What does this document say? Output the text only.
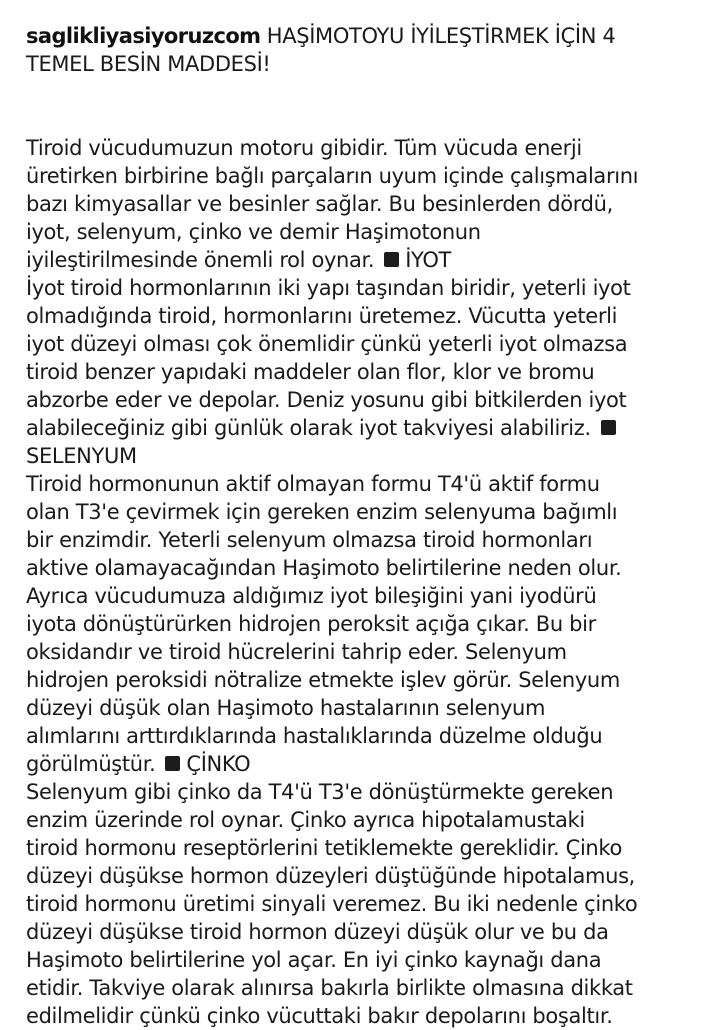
saglikliyasiyoruzcom HAŞİMOTOYU İYİLEŞTİRMEK İÇİN 4
TEMEL BESİN MADDESİ!
Tiroid vücudumuzun motoru gibidir. Tüm vücuda enerji
üretirken birbirine bağlı parçaların uyum içinde çalışmalarını
bazı kimyasallar ve besinler sağlar. Bu besinlerden dördü,
iyot, selenyum, çinko ve demir Haşimotonun
iyileştirilmesinde önemli rol oynar. İYOT
İyot tiroid hormonlarının iki yapı taşından biridir, yeterli iyot
olmadığında tiroid, hormonlarını üretemez. Vücutta yeterli
iyot düzeyi olması çok önemlidir çünkü yeterli iyot olmazsa
tiroid benzer yapıdaki maddeler olan flor, klor ve bromu
abzorbe eder ve depolar. Deniz yosunu gibi bitkilerden iyot
alabileceğiniz gibi günlük olarak iyot takviyesi alabiliriz.
SELENYUM
Tiroid hormonunun aktif olmayan formu T4'ü aktif formu
olan T3'e çevirmek için gereken enzim selenyuma bağımlı
bir enzimdir. Yeterli selenyum olmazsa tiroid hormonları
aktive olamayacağından Haşimoto belirtilerine neden olur.
Ayrıca vücudumuza aldığımız iyot bileşiğini yani iyodürü
iyota dönüştürürken hidrojen peroksit açığa çıkar. Bu bir
oksidandır ve tiroid hücrelerini tahrip eder. Selenyum
hidrojen peroksidi nötralize etmekte işlev görür. Selenyum
düzeyi düşük olan Haşimoto hastalarının selenyum
alımlarını arttırdıklarında hastalıklarında düzelme olduğu
görülmüştür. ÇİNKO
Selenyum gibi çinko da T4'ü T3'e dönüştürmekte gereken
enzim üzerinde rol oynar. Çinko ayrıca hipotalamustaki
tiroid hormonu reseptörlerini tetiklemekte gereklidir. Çinko
düzeyi düşükse hormon düzeyleri düştüğünde hipotalamus,
tiroid hormonu üretimi sinyali veremez. Bu iki nedenle çinko
düzeyi düşükse tiroid hormon düzeyi düşük olur ve bu da
Haşimoto belirtilerine yol açar. En iyi çinko kaynağı dana
etidir. Takviye olarak alınırsa bakırla birlikte olmasına dikkat
edilmelidir çünkü çinko vücuttaki bakır depolarını boşaltır.
